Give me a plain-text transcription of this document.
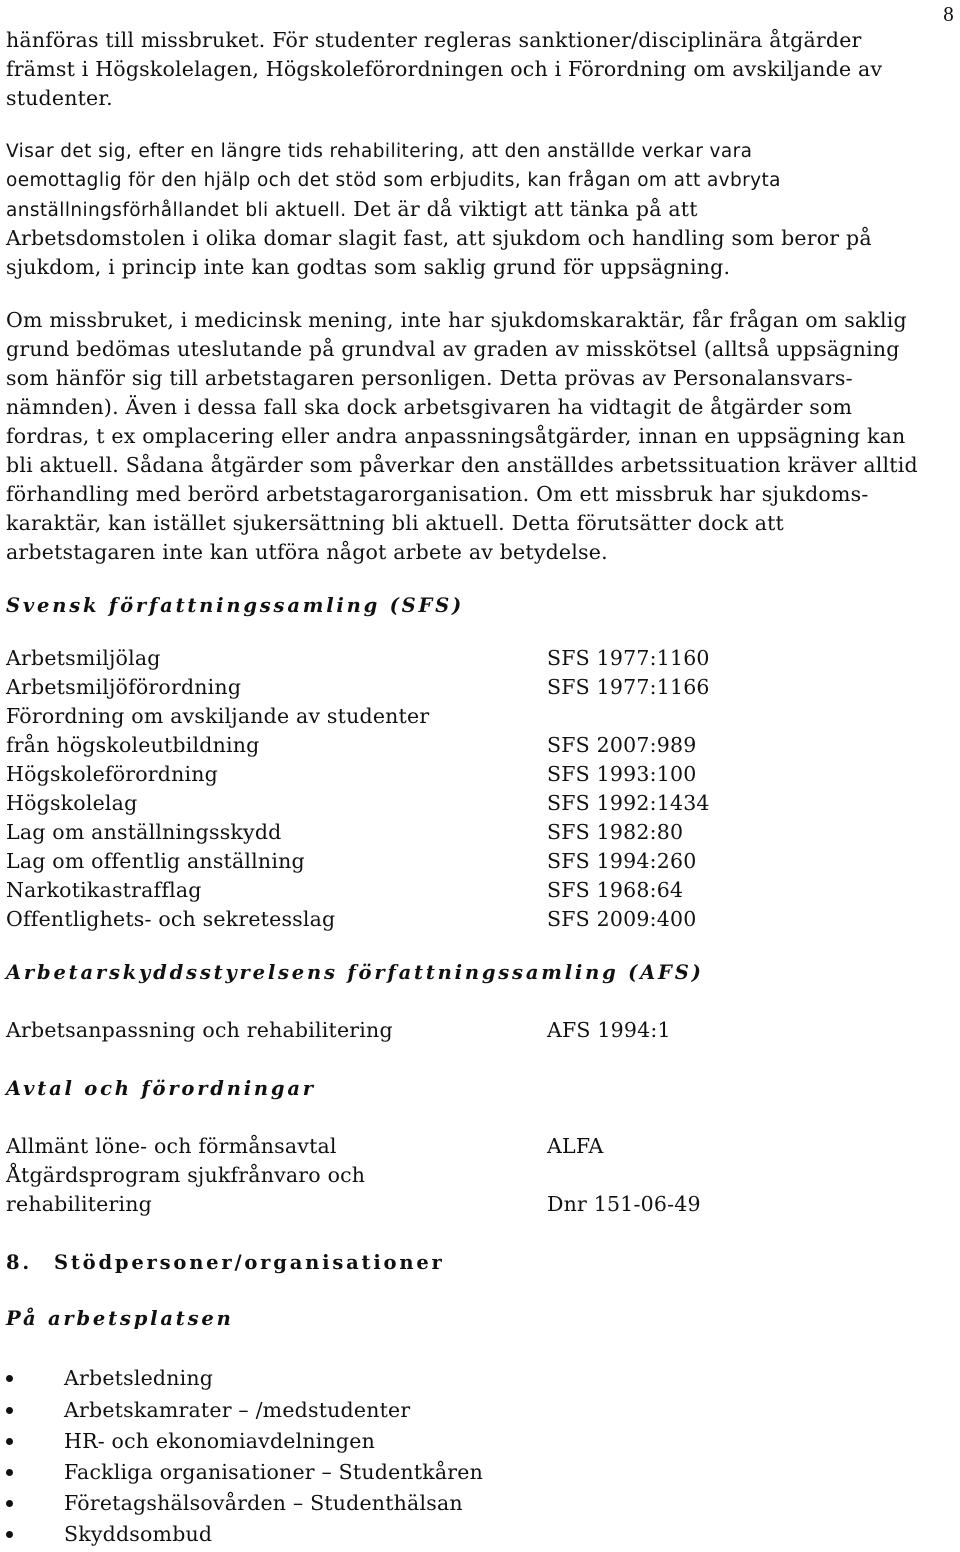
8
hänföras till missbruket. För studenter regleras sanktioner/disciplinära åtgärder
främst i Högskolelagen, Högskoleförordningen och i Förordning om avskiljande av
studenter.
Visar det sig, efter en längre tids rehabilitering, att den anställde verkar vara
oemottaglig för den hjälp och det stöd som erbjudits, kan frågan om att avbryta
anställningsförhållandet bli aktuell. Det är då viktigt att tänka på att
Arbetsdomstolen i olika domar slagit fast, att sjukdom och handling som beror på
sjukdom, i princip inte kan godtas som saklig grund för uppsägning.
Om missbruket, i medicinsk mening, inte har sjukdomskaraktär, får frågan om saklig
grund bedömas uteslutande på grundval av graden av misskötsel (alltså uppsägning
som hänför sig till arbetstagaren personligen. Detta prövas av Personalansvars-
nämnden). Även i dessa fall ska dock arbetsgivaren ha vidtagit de åtgärder som
fordras, t ex omplacering eller andra anpassningsåtgärder, innan en uppsägning kan
bli aktuell. Sådana åtgärder som påverkar den anställdes arbetssituation kräver alltid
förhandling med berörd arbetstagarorganisation. Om ett missbruk har sjukdoms-
karaktär, kan istället sjukersättning bli aktuell. Detta förutsätter dock att
arbetstagaren inte kan utföra något arbete av betydelse.
Svensk författningssamling (SFS)
Arbetsmiljölag	SFS 1977:1160
Arbetsmiljöförordning	SFS 1977:1166
Förordning om avskiljande av studenter
från högskoleutbildning	SFS 2007:989
Högskoleförordning	SFS 1993:100
Högskolelag	SFS 1992:1434
Lag om anställningsskydd	SFS 1982:80
Lag om offentlig anställning	SFS 1994:260
Narkotikastrafflag	SFS 1968:64
Offentlighets- och sekretesslag	SFS 2009:400
Arbetarskyddsstyrelsens författningssamling (AFS)
Arbetsanpassning och rehabilitering	AFS 1994:1
Avtal och förordningar
Allmänt löne- och förmånsavtal	ALFA
Åtgärdsprogram sjukfrånvaro och
rehabilitering	Dnr 151-06-49
8. Stödpersoner/organisationer
På arbetsplatsen
Arbetsledning
Arbetskamrater – /medstudenter
HR- och ekonomiavdelningen
Fackliga organisationer – Studentkåren
Företagshälsovården – Studenthälsan
Skyddsombud
